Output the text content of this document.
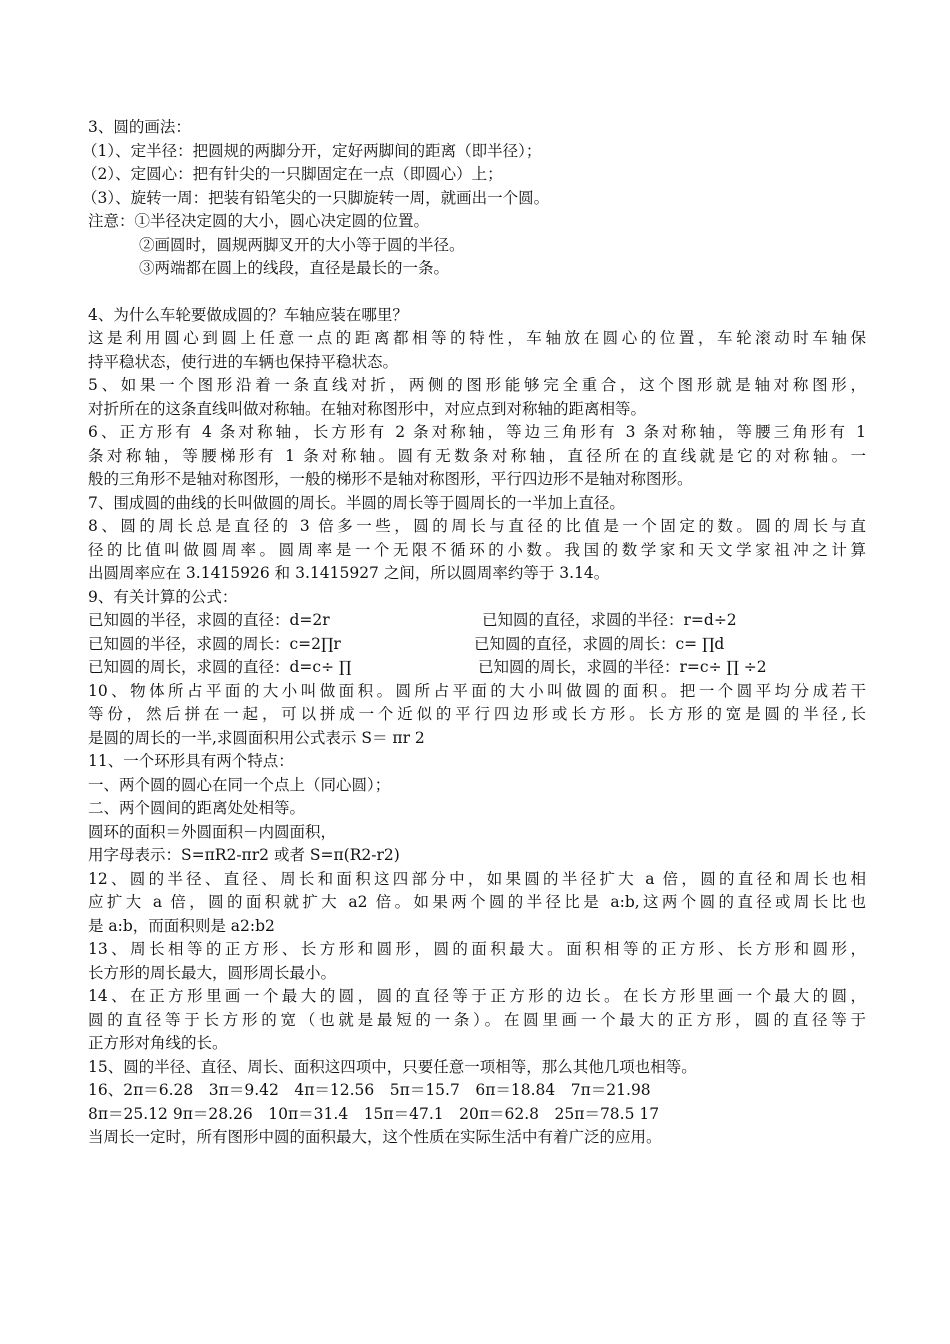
3、圆的画法：
（1）、定半径：把圆规的两脚分开，定好两脚间的距离（即半径）；
（2）、定圆心：把有针尖的一只脚固定在一点（即圆心）上；
（3）、旋转一周：把装有铅笔尖的一只脚旋转一周，就画出一个圆。
注意：①半径决定圆的大小，圆心决定圆的位置。
②画圆时，圆规两脚叉开的大小等于圆的半径。
③两端都在圆上的线段，直径是最长的一条。
4、为什么车轮要做成圆的？车轴应装在哪里？
这是利用圆心到圆上任意一点的距离都相等的特性，车轴放在圆心的位置，车轮滚动时车轴保
持平稳状态，使行进的车辆也保持平稳状态。
5、如果一个图形沿着一条直线对折，两侧的图形能够完全重合，这个图形就是轴对称图形，
对折所在的这条直线叫做对称轴。在轴对称图形中，对应点到对称轴的距离相等。
6、正方形有 4 条对称轴，长方形有 2 条对称轴，等边三角形有 3 条对称轴，等腰三角形有 1
条对称轴，等腰梯形有 1 条对称轴。圆有无数条对称轴，直径所在的直线就是它的对称轴。一
般的三角形不是轴对称图形，一般的梯形不是轴对称图形，平行四边形不是轴对称图形。
7、围成圆的曲线的长叫做圆的周长。半圆的周长等于圆周长的一半加上直径。
8、圆的周长总是直径的 3 倍多一些，圆的周长与直径的比值是一个固定的数。圆的周长与直
径的比值叫做圆周率。圆周率是一个无限不循环的小数。我国的数学家和天文学家祖冲之计算
出圆周率应在 3.1415926 和 3.1415927 之间，所以圆周率约等于 3.14。
9、有关计算的公式：
已知圆的半径，求圆的直径：d=2r	已知圆的直径，求圆的半径：r=d÷2
已知圆的半径，求圆的周长：c=2∏r	已知圆的直径，求圆的周长：c= ∏d
已知圆的周长，求圆的直径：d=c÷ ∏	已知圆的周长，求圆的半径：r=c÷ ∏ ÷2
10、物体所占平面的大小叫做面积。圆所占平面的大小叫做圆的面积。把一个圆平均分成若干
等份，然后拼在一起，可以拼成一个近似的平行四边形或长方形。长方形的宽是圆的半径,长
是圆的周长的一半,求圆面积用公式表示 S＝ πr 2
11、一个环形具有两个特点：
一、两个圆的圆心在同一个点上（同心圆）；
二、两个圆间的距离处处相等。
圆环的面积＝外圆面积－内圆面积，
用字母表示：S=πR2-πr2 或者 S=π(R2-r2)
12、圆的半径、直径、周长和面积这四部分中，如果圆的半径扩大 a 倍，圆的直径和周长也相
应扩大 a 倍，圆的面积就扩大 a2 倍。如果两个圆的半径比是 a:b,这两个圆的直径或周长比也
是 a:b，而面积则是 a2:b2
13、周长相等的正方形、长方形和圆形，圆的面积最大。面积相等的正方形、长方形和圆形，
长方形的周长最大，圆形周长最小。
14、在正方形里画一个最大的圆，圆的直径等于正方形的边长。在长方形里画一个最大的圆，
圆的直径等于长方形的宽（也就是最短的一条）。在圆里画一个最大的正方形，圆的直径等于
正方形对角线的长。
15、圆的半径、直径、周长、面积这四项中，只要任意一项相等，那么其他几项也相等。
16、2π＝6.28　3π＝9.42　4π＝12.56　5π＝15.7　6π＝18.84　7π＝21.98
8π＝25.12 9π＝28.26　10π＝31.4　15π＝47.1　20π＝62.8　25π＝78.5 17
当周长一定时，所有图形中圆的面积最大，这个性质在实际生活中有着广泛的应用。
